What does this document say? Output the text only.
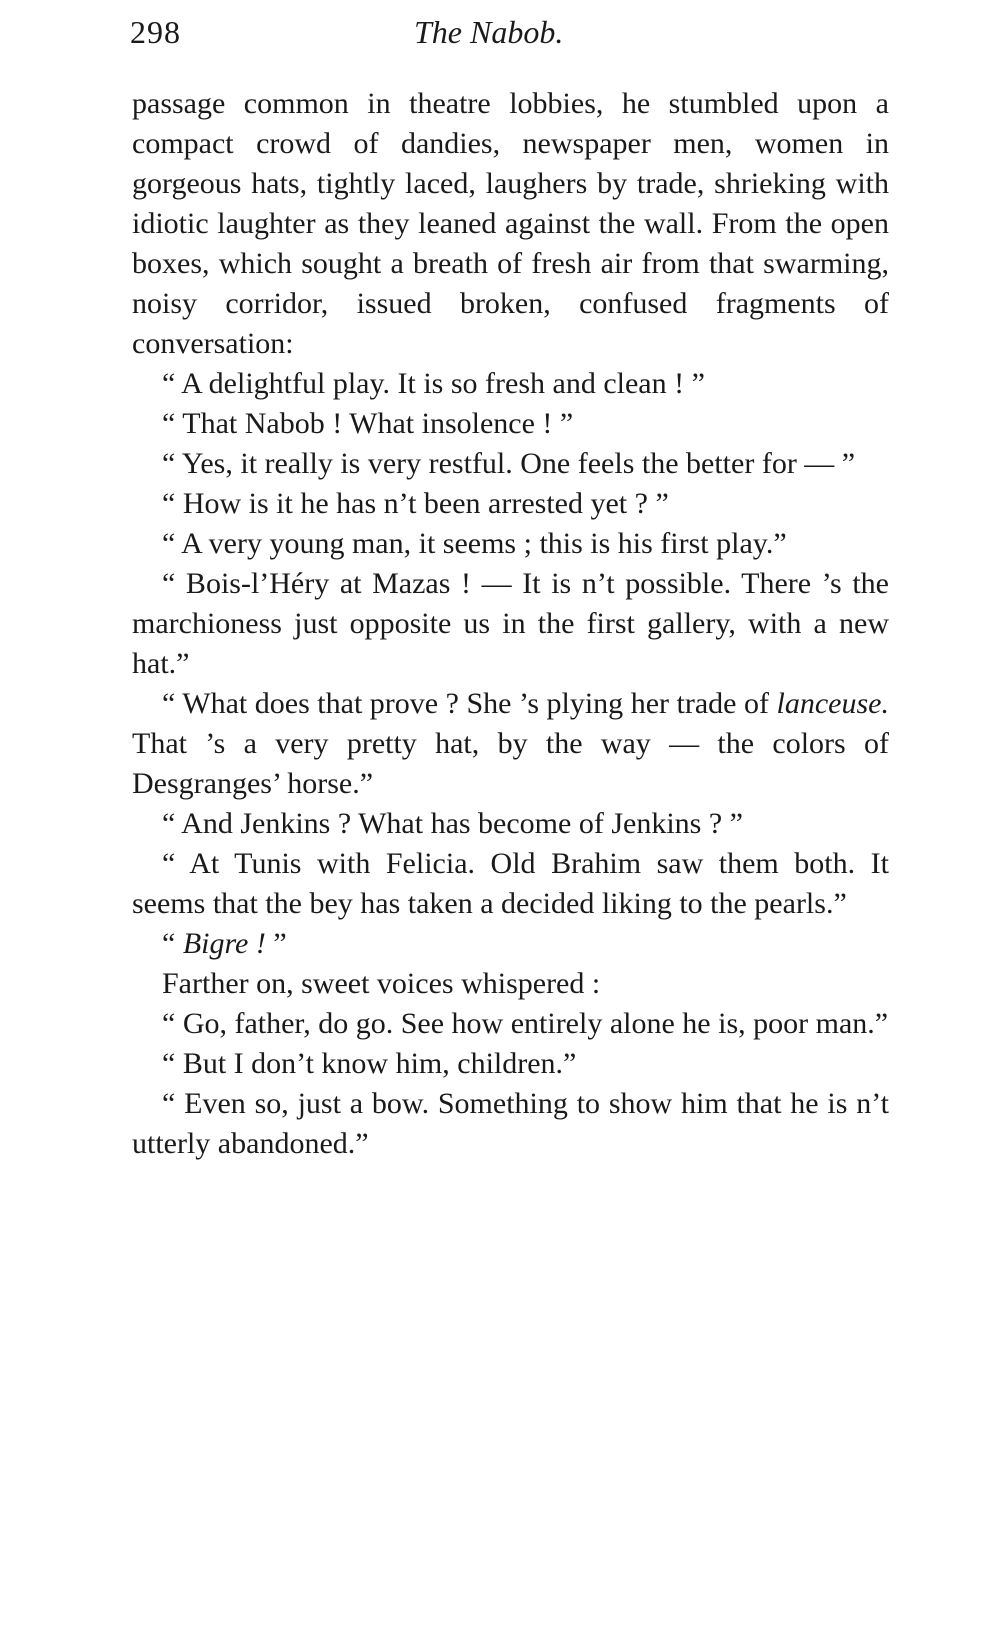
298	The Nabob.

passage common in theatre lobbies, he stumbled upon a compact crowd of dandies, newspaper men, women in gorgeous hats, tightly laced, laughers by trade, shrieking with idiotic laughter as they leaned against the wall. From the open boxes, which sought a breath of fresh air from that swarming, noisy corridor, issued broken, confused fragments of conversation:

“ A delightful play. It is so fresh and clean ! ”

“ That Nabob ! What insolence ! ”

“ Yes, it really is very restful. One feels the better for — ”

“ How is it he has n’t been arrested yet ? ”

“ A very young man, it seems ; this is his first play.”

“ Bois-l’Héry at Mazas ! — It is n’t possible. There ’s the marchioness just opposite us in the first gallery, with a new hat.”

“ What does that prove ? She ’s plying her trade of lanceuse. That ’s a very pretty hat, by the way — the colors of Desgranges’ horse.”

“ And Jenkins ? What has become of Jenkins ? ”

“ At Tunis with Felicia. Old Brahim saw them both. It seems that the bey has taken a decided liking to the pearls.”

“ Bigre ! ”

Farther on, sweet voices whispered :

“ Go, father, do go. See how entirely alone he is, poor man.”

“ But I don’t know him, children.”

“ Even so, just a bow. Something to show him that he is n’t utterly abandoned.”
